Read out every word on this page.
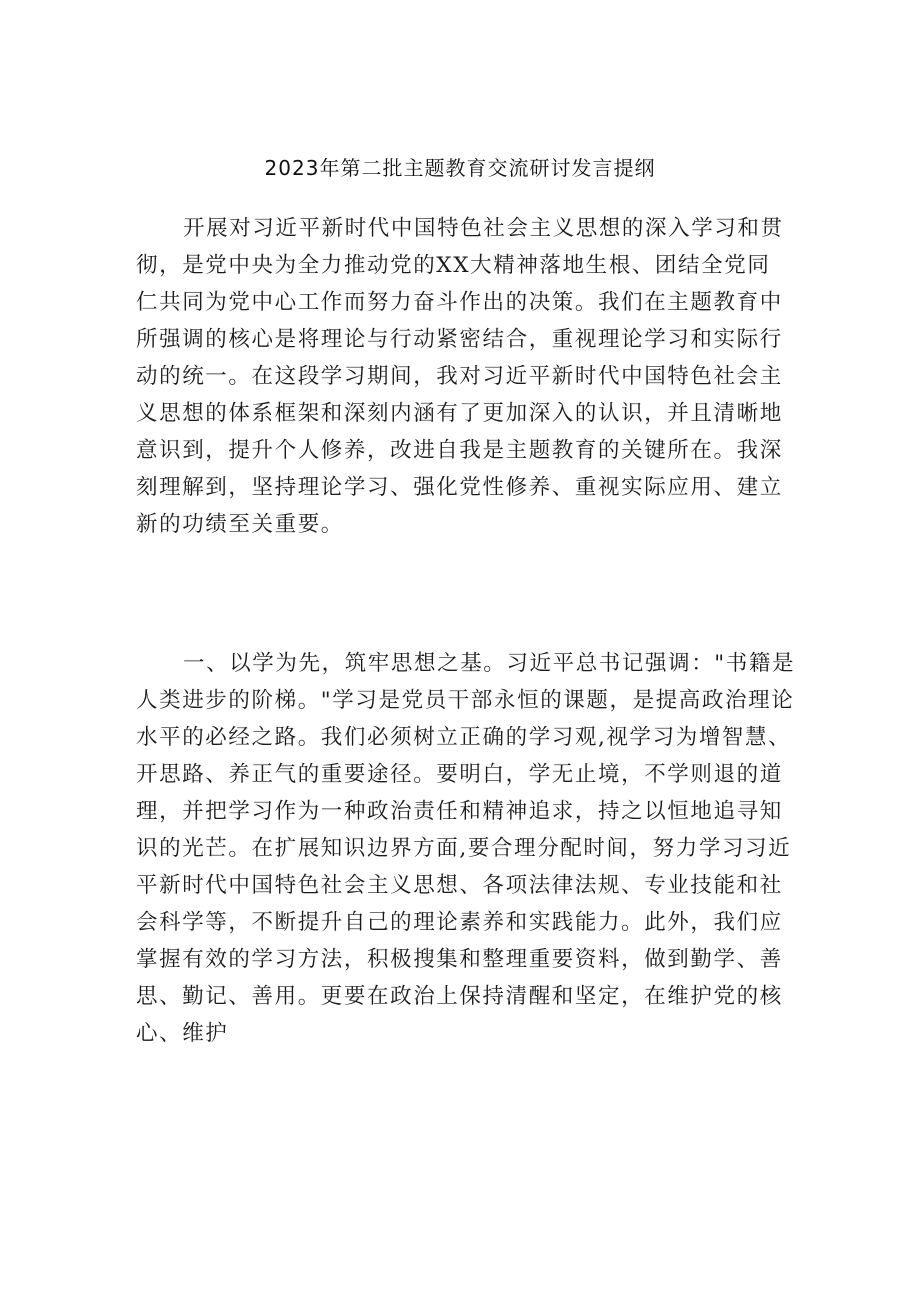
2023年第二批主题教育交流研讨发言提纲
开展对习近平新时代中国特色社会主义思想的深入学习和贯
彻，是党中央为全力推动党的XX大精神落地生根、团结全党同
仁共同为党中心工作而努力奋斗作出的决策。我们在主题教育中
所强调的核心是将理论与行动紧密结合，重视理论学习和实际行
动的统一。在这段学习期间，我对习近平新时代中国特色社会主
义思想的体系框架和深刻内涵有了更加深入的认识，并且清晰地
意识到，提升个人修养，改进自我是主题教育的关键所在。我深
刻理解到，坚持理论学习、强化党性修养、重视实际应用、建立
新的功绩至关重要。
一、以学为先，筑牢思想之基。习近平总书记强调："书籍是
人类进步的阶梯。"学习是党员干部永恒的课题，是提高政治理论
水平的必经之路。我们必须树立正确的学习观,视学习为增智慧、
开思路、养正气的重要途径。要明白，学无止境，不学则退的道
理，并把学习作为一种政治责任和精神追求，持之以恒地追寻知
识的光芒。在扩展知识边界方面,要合理分配时间，努力学习习近
平新时代中国特色社会主义思想、各项法律法规、专业技能和社
会科学等，不断提升自己的理论素养和实践能力。此外，我们应
掌握有效的学习方法，积极搜集和整理重要资料，做到勤学、善
思、勤记、善用。更要在政治上保持清醒和坚定，在维护党的核
心、维护
